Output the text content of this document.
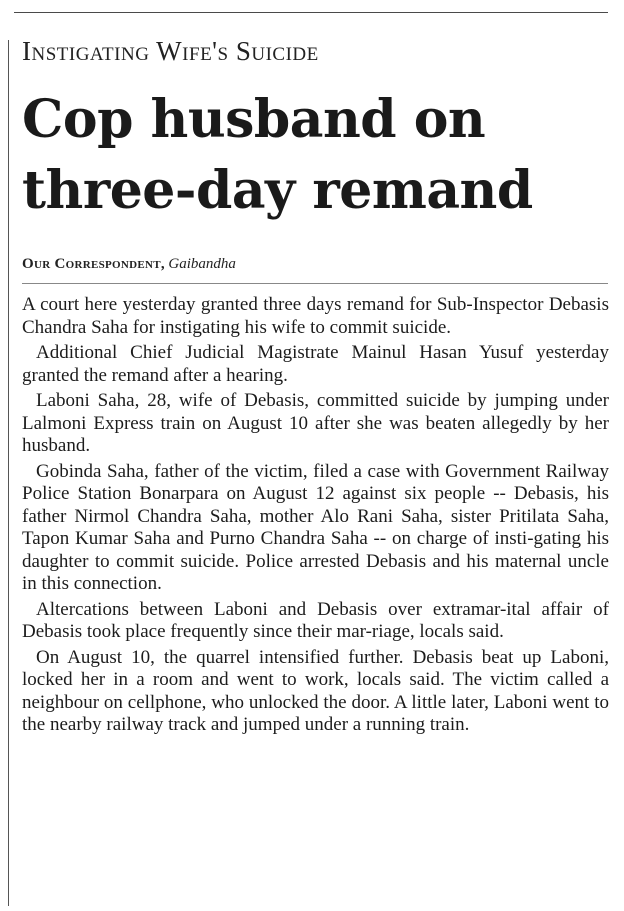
Instigating Wife's Suicide
Cop husband on
three-day remand
Our Correspondent, Gaibandha

A court here yesterday granted three days remand for Sub-Inspector Debasis Chandra Saha for instigating his wife to commit suicide.

Additional Chief Judicial Magistrate Mainul Hasan Yusuf yesterday granted the remand after a hearing.

Laboni Saha, 28, wife of Debasis, committed suicide by jumping under Lalmoni Express train on August 10 after she was beaten allegedly by her husband.

Gobinda Saha, father of the victim, filed a case with Government Railway Police Station Bonarpara on August 12 against six people -- Debasis, his father Nirmol Chandra Saha, mother Alo Rani Saha, sister Pritilata Saha, Tapon Kumar Saha and Purno Chandra Saha -- on charge of insti-gating his daughter to commit suicide. Police arrested Debasis and his maternal uncle in this connection.

Altercations between Laboni and Debasis over extramar-ital affair of Debasis took place frequently since their mar-riage, locals said.

On August 10, the quarrel intensified further. Debasis beat up Laboni, locked her in a room and went to work, locals said. The victim called a neighbour on cellphone, who unlocked the door. A little later, Laboni went to the nearby railway track and jumped under a running train.
